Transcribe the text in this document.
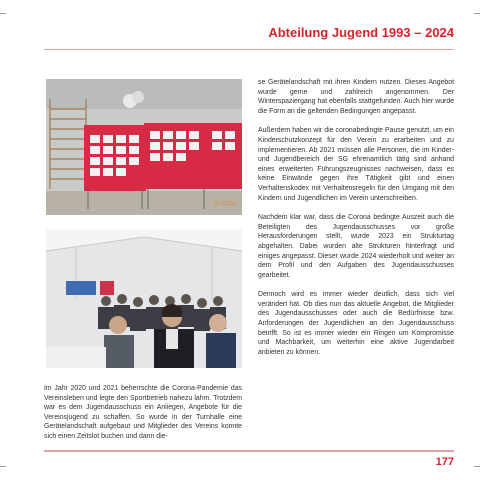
Abteilung Jugend 1993 – 2024
05.3.2016

se Gerätelandschaft mit ihren Kindern nutzen. Dieses Angebot wurde gerne und zahlreich angenommen. Der Winterspaziergang hat ebenfalls stattgefunden. Auch hier wurde die Form an die geltenden Bedingungen angepasst.

Außerdem haben wir die coronabedingte Pause genutzt, um ein Kinderschutzkonzept für den Verein zu erarbeiten und zu implementieren. Ab 2021 müssen alle Personen, die im Kinder- und Jugendbereich der SG ehrenamtlich tätig sind anhand eines erweiterten Führungszeugnisses nachweisen, dass es keine Einwände gegen ihre Tätigkeit gibt und einen Verhaltenskodex mit Verhaltensregeln für den Umgang mit den Kindern und Jugendlichen im Verein unterschreiben.

Nachdem klar war, dass die Corona bedingte Auszeit auch die Beteiligten des Jugendausschusses vor große Herausforderungen stellt, wurde 2023 ein Strukturtag abgehalten. Dabei wurden alte Strukturen hinterfragt und einiges angepasst. Dieser wurde 2024 wiederholt und weiter an dem Profil und den Aufgaben des Jugendausschusses gearbeitet.

Dennoch wird es immer wieder deutlich, dass sich viel verändert hat. Ob dies nun das aktuelle Angebot, die Mitglieder des Jugendausschusses oder auch die Bedürfnisse bzw. Anforderungen der Jugendlichen an den Jugendausschuss betrifft. So ist es immer wieder ein Ringen um Kompromisse und Machbarkeit, um weiterhin eine aktive Jugendarbeit anbieten zu können.

Im Jahr 2020 und 2021 beherrschte die Corona-Pandemie das Vereinsleben und legte den Sportbetrieb nahezu lahm. Trotzdem war es dem Jugendausschuss ein Anliegen, Angebote für die Vereinsjugend zu schaffen. So wurde in der Turnhalle eine Gerätelandschaft aufgebaut und Mitglieder des Vereins konnte sich einen Zeitslot buchen und dann die-

177
